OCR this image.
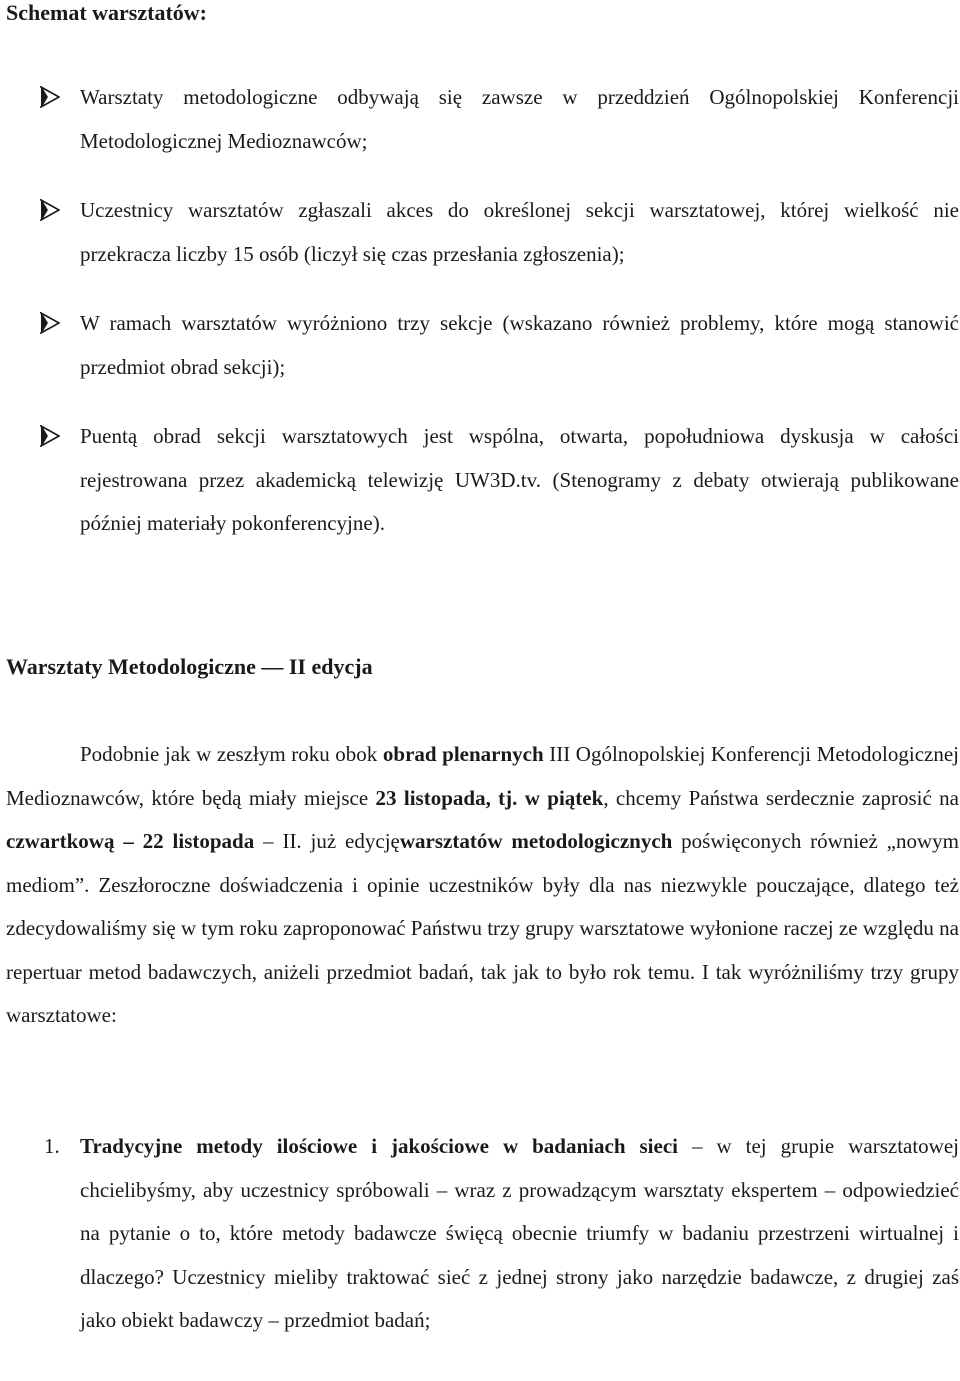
Schemat warsztatów:
Warsztaty metodologiczne odbywają się zawsze w przeddzień Ogólnopolskiej Konferencji Metodologicznej Medioznawców;
Uczestnicy warsztatów zgłaszali akces do określonej sekcji warsztatowej, której wielkość nie przekracza liczby 15 osób (liczył się czas przesłania zgłoszenia);
W ramach warsztatów wyróżniono trzy sekcje (wskazano również problemy, które mogą stanowić przedmiot obrad sekcji);
Puentą obrad sekcji warsztatowych jest wspólna, otwarta, popołudniowa dyskusja w całości rejestrowana przez akademicką telewizję UW3D.tv. (Stenogramy z debaty otwierają publikowane później materiały pokonferencyjne).
Warsztaty Metodologiczne — II edycja

Podobnie jak w zeszłym roku obok obrad plenarnych III Ogólnopolskiej Konferencji Metodologicznej Medioznawców, które będą miały miejsce 23 listopada, tj. w piątek, chcemy Państwa serdecznie zaprosić na czwartkową – 22 listopada – II. już edycjęwarsztatów metodologicznych poświęconych również „nowym mediom”. Zeszłoroczne doświadczenia i opinie uczestników były dla nas niezwykle pouczające, dlatego też zdecydowaliśmy się w tym roku zaproponować Państwu trzy grupy warsztatowe wyłonione raczej ze względu na repertuar metod badawczych, aniżeli przedmiot badań, tak jak to było rok temu. I tak wyróżniliśmy trzy grupy warsztatowe:

1. Tradycyjne metody ilościowe i jakościowe w badaniach sieci – w tej grupie warsztatowej chcielibyśmy, aby uczestnicy spróbowali – wraz z prowadzącym warsztaty ekspertem – odpowiedzieć na pytanie o to, które metody badawcze święcą obecnie triumfy w badaniu przestrzeni wirtualnej i dlaczego? Uczestnicy mieliby traktować sieć z jednej strony jako narzędzie badawcze, z drugiej zaś jako obiekt badawczy – przedmiot badań;
